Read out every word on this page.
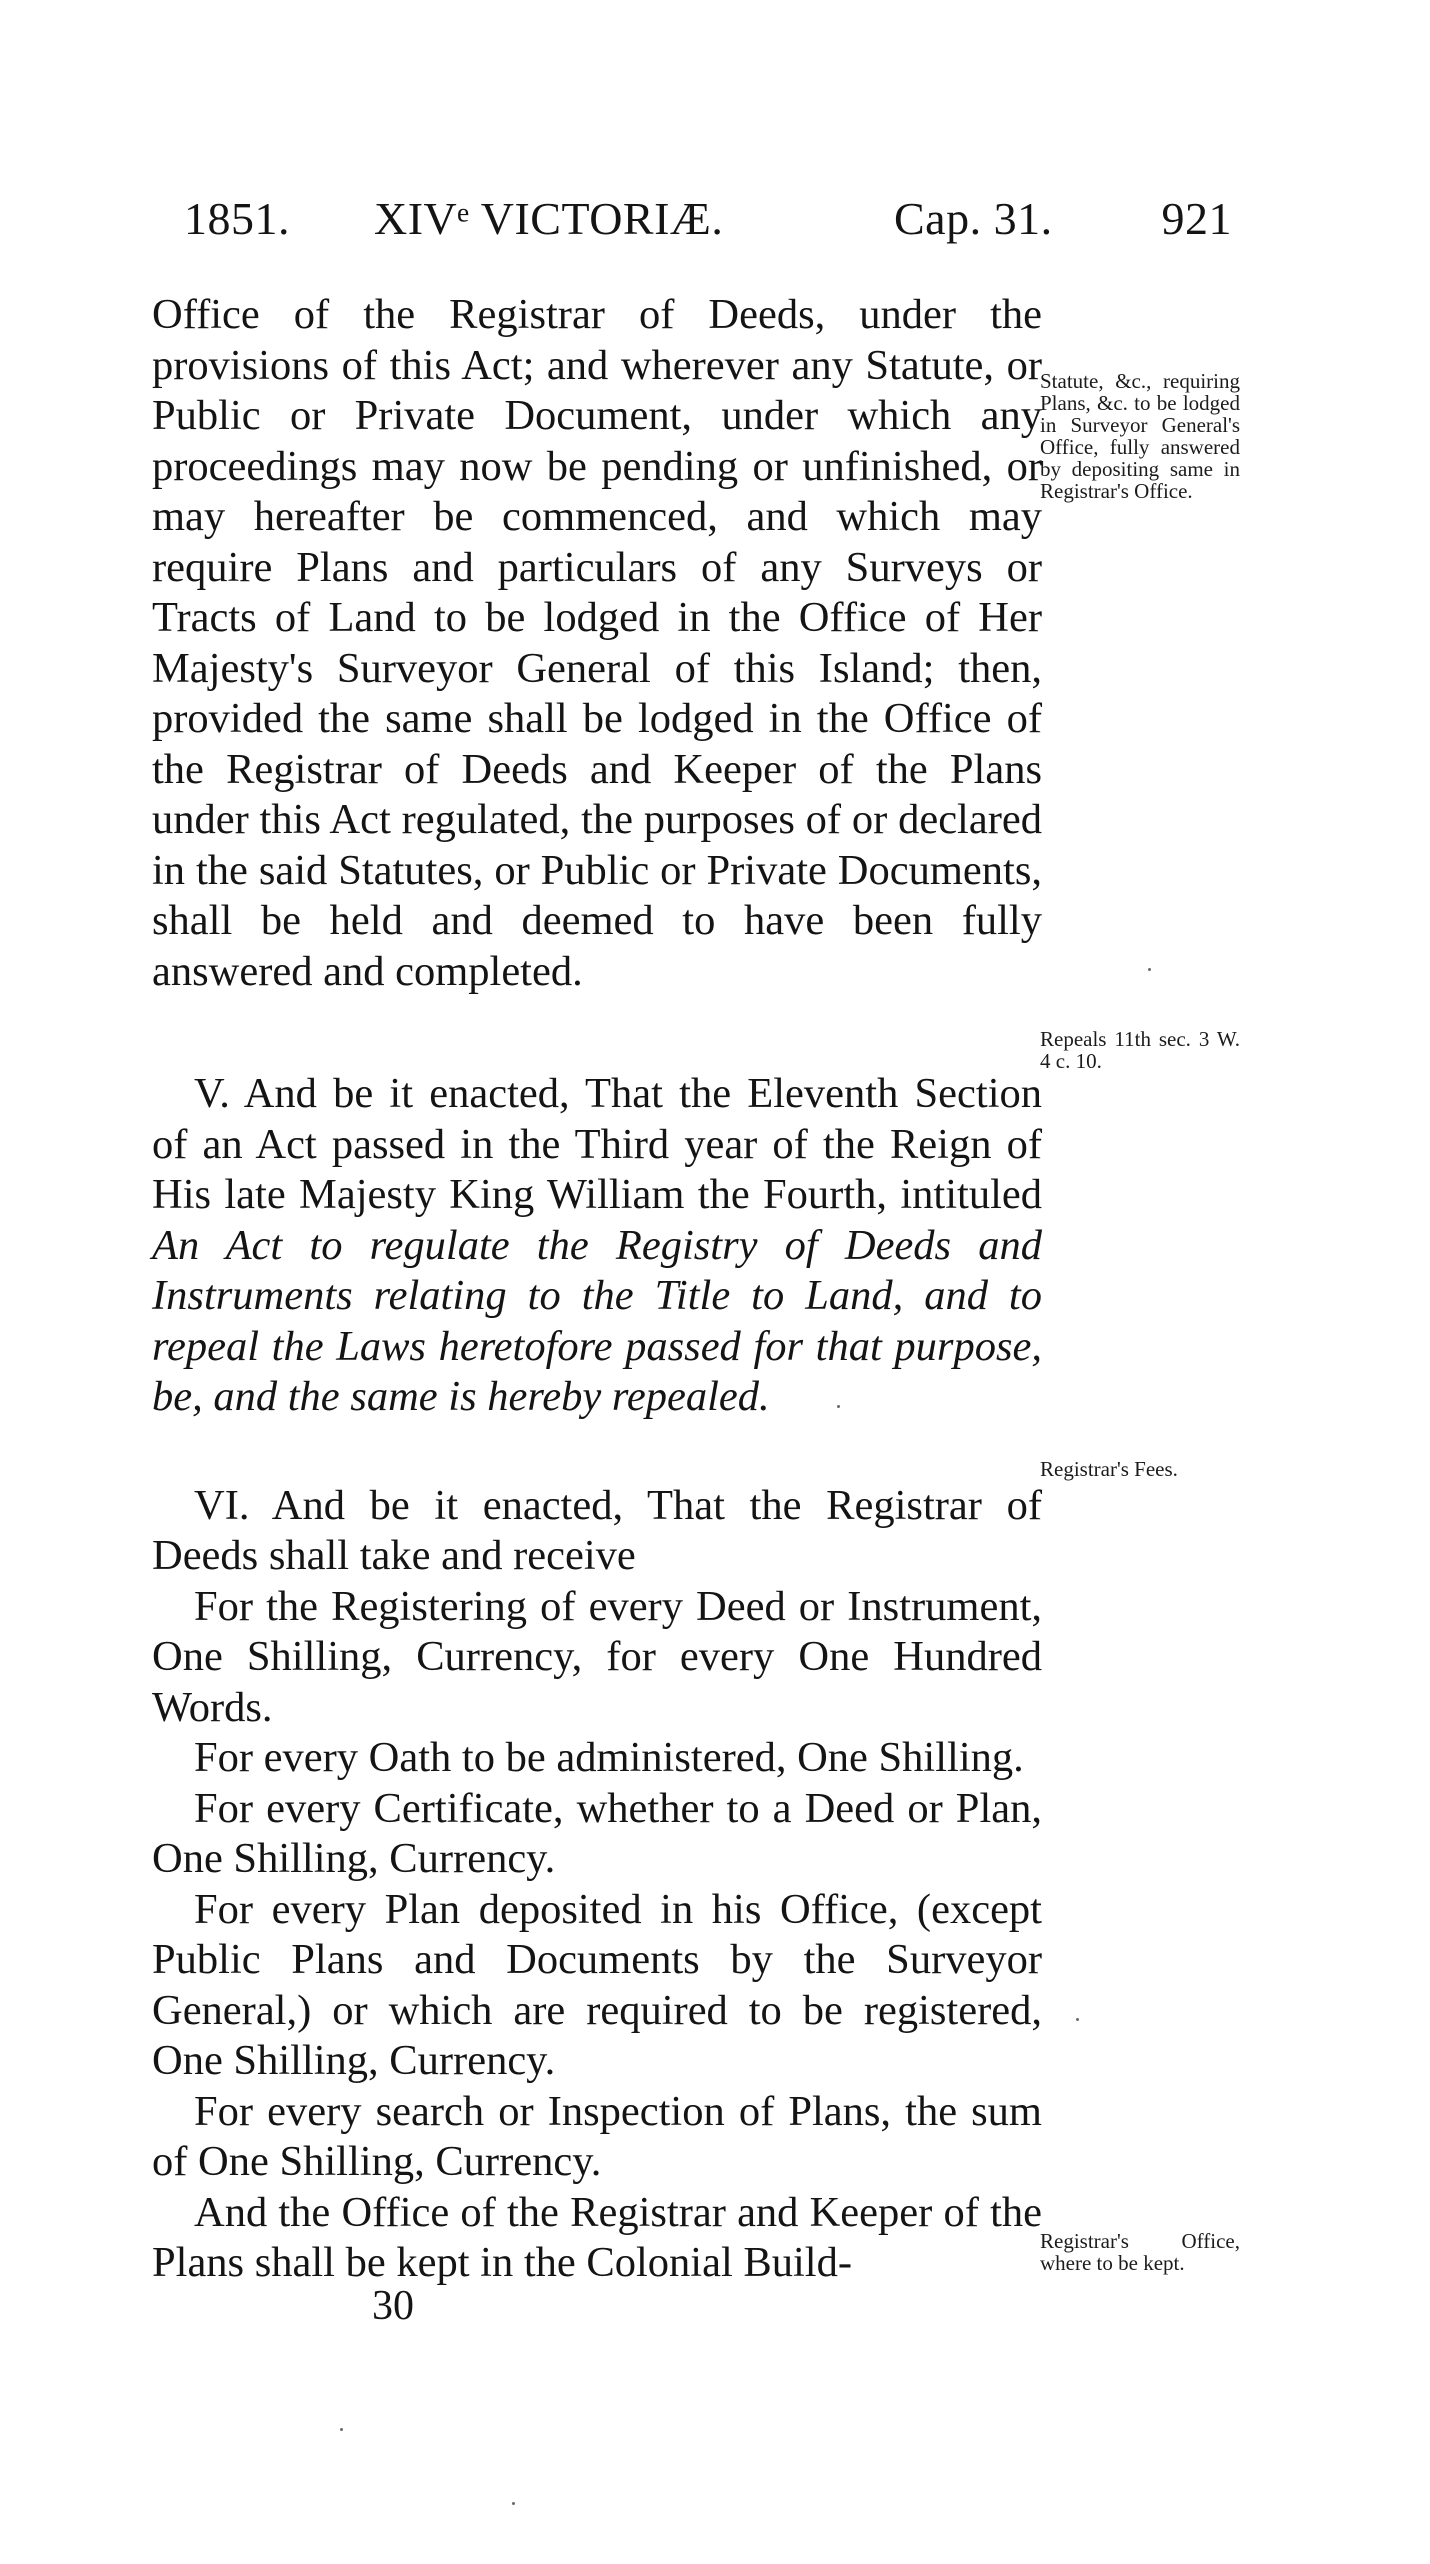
1851. XIVᵉ VICTORIÆ.	Cap. 31. 921

Office of the Registrar of Deeds, under the provisions of this Act; and wherever any Statute, or Public or Private Document, under which any proceedings may now be pending or unfinished, or may hereafter be commenced, and which may require Plans and particulars of any Surveys or Tracts of Land to be lodged in the Office of Her Majesty's Surveyor General of this Island; then, provided the same shall be lodged in the Office of the Registrar of Deeds and Keeper of the Plans under this Act regulated, the purposes of or declared in the said Statutes, or Public or Private Documents, shall be held and deemed to have been fully answered and completed.

V. And be it enacted, That the Eleventh Section of an Act passed in the Third year of the Reign of His late Majesty King William the Fourth, intituled An Act to regulate the Registry of Deeds and Instruments relating to the Title to Land, and to repeal the Laws heretofore passed for that purpose, be, and the same is hereby repealed.

VI. And be it enacted, That the Registrar of Deeds shall take and receive

For the Registering of every Deed or Instrument, One Shilling, Currency, for every One Hundred Words.

For every Oath to be administered, One Shilling.

For every Certificate, whether to a Deed or Plan, One Shilling, Currency.

For every Plan deposited in his Office, (except Public Plans and Documents by the Surveyor General,) or which are required to be registered, One Shilling, Currency.

For every search or Inspection of Plans, the sum of One Shilling, Currency.

And the Office of the Registrar and Keeper of the Plans shall be kept in the Colonial Build-

Statute, &c., requiring Plans, &c. to be lodged in Surveyor General's Office, fully answered by depositing same in Registrar's Office.
Repeals 11th sec. 3 W. 4 c. 10.
Registrar's Fees.
Registrar's Office, where to be kept.
30
